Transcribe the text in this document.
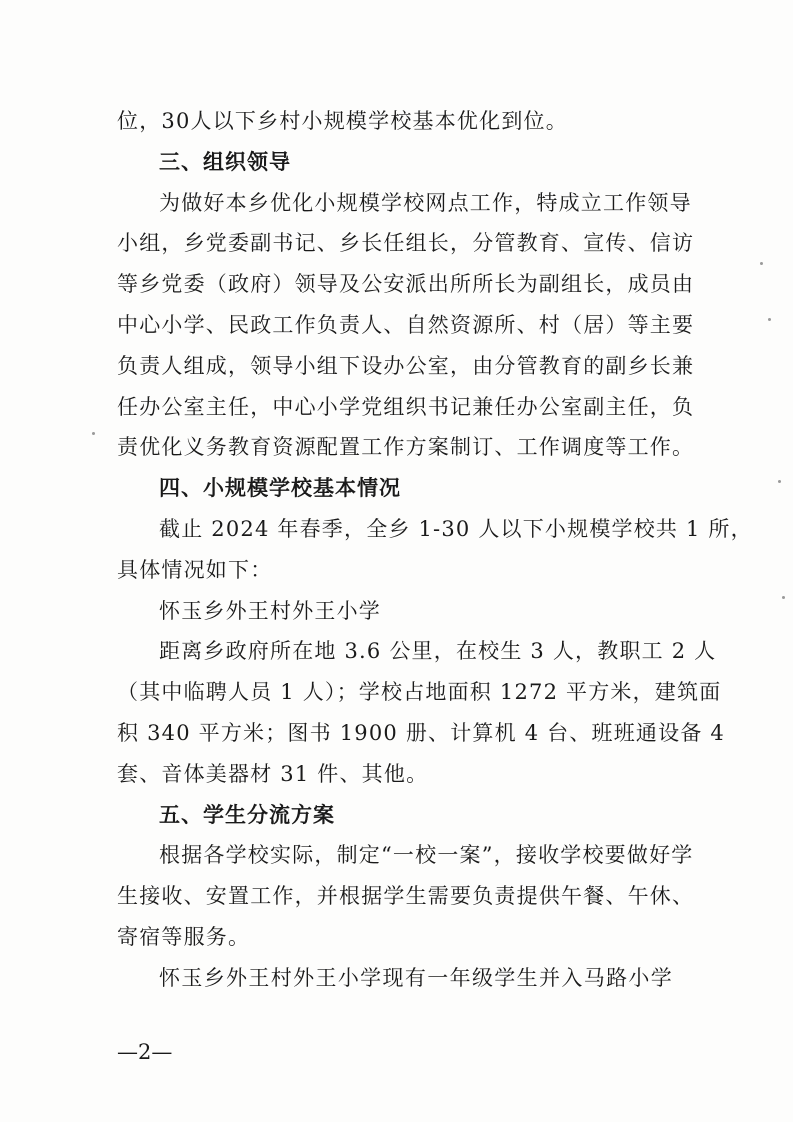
位，30人以下乡村小规模学校基本优化到位。
三、组织领导
为做好本乡优化小规模学校网点工作，特成立工作领导
小组，乡党委副书记、乡长任组长，分管教育、宣传、信访
等乡党委（政府）领导及公安派出所所长为副组长，成员由
中心小学、民政工作负责人、自然资源所、村（居）等主要
负责人组成，领导小组下设办公室，由分管教育的副乡长兼
任办公室主任，中心小学党组织书记兼任办公室副主任，负
责优化义务教育资源配置工作方案制订、工作调度等工作。
四、小规模学校基本情况
截止 2024 年春季，全乡 1-30 人以下小规模学校共 1 所，
具体情况如下：
怀玉乡外王村外王小学
距离乡政府所在地 3.6 公里，在校生 3 人，教职工 2 人
（其中临聘人员 1 人）；学校占地面积 1272 平方米，建筑面
积 340 平方米；图书 1900 册、计算机 4 台、班班通设备 4
套、音体美器材 31 件、其他。
五、学生分流方案
根据各学校实际，制定“一校一案”，接收学校要做好学
生接收、安置工作，并根据学生需要负责提供午餐、午休、
寄宿等服务。
怀玉乡外王村外王小学现有一年级学生并入马路小学
—2—
